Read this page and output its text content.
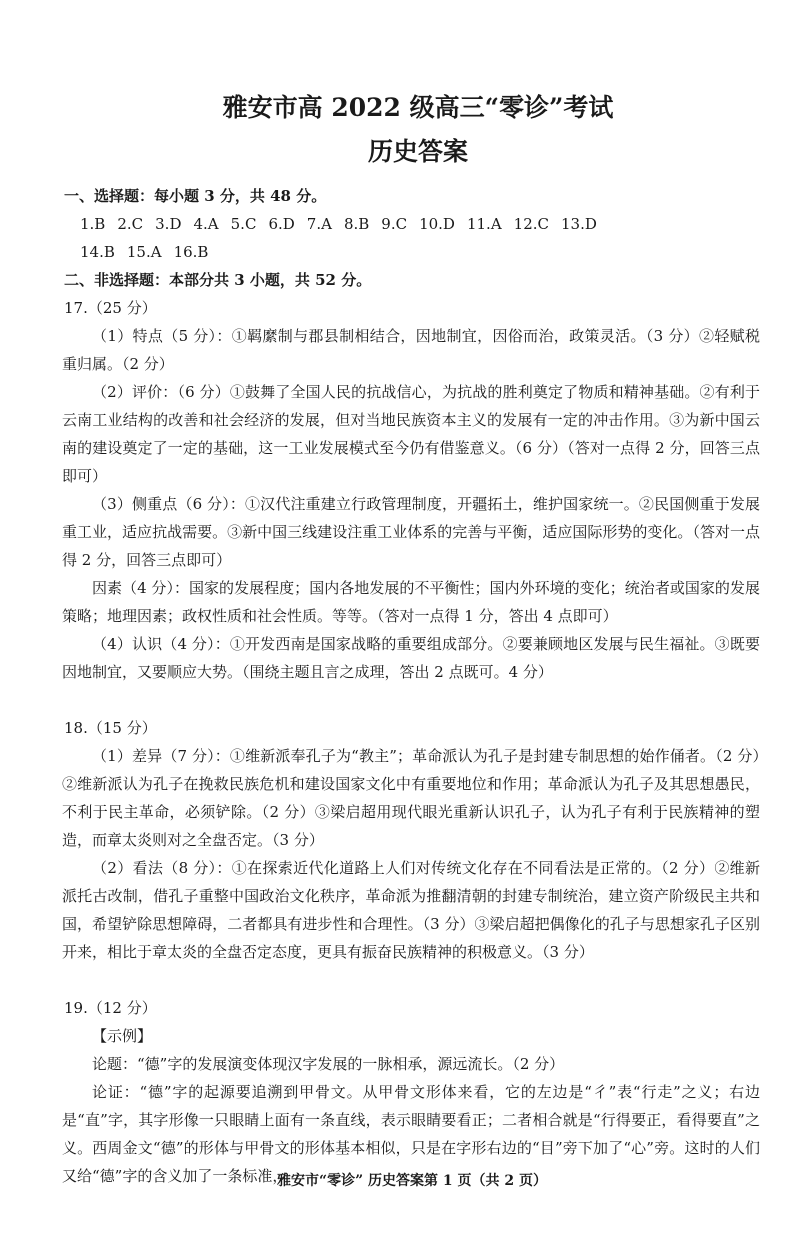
雅安市高 2022 级高三“零诊”考试
历史答案
一、选择题：每小题 3 分，共 48 分。
1.B 2.C 3.D 4.A 5.C 6.D 7.A 8.B 9.C 10.D 11.A 12.C 13.D
14.B 15.A 16.B
二、非选择题：本部分共 3 小题，共 52 分。
17.（25 分）

（1）特点（5 分）：①羁縻制与郡县制相结合，因地制宜，因俗而治，政策灵活。（3 分）②轻赋税重归属。（2 分）

（2）评价：（6 分）①鼓舞了全国人民的抗战信心，为抗战的胜利奠定了物质和精神基础。②有利于云南工业结构的改善和社会经济的发展，但对当地民族资本主义的发展有一定的冲击作用。③为新中国云南的建设奠定了一定的基础，这一工业发展模式至今仍有借鉴意义。（6 分）（答对一点得 2 分，回答三点即可）

（3）侧重点（6 分）：①汉代注重建立行政管理制度，开疆拓土，维护国家统一。②民国侧重于发展重工业，适应抗战需要。③新中国三线建设注重工业体系的完善与平衡，适应国际形势的变化。（答对一点得 2 分，回答三点即可）

因素（4 分）：国家的发展程度；国内各地发展的不平衡性；国内外环境的变化；统治者或国家的发展策略；地理因素；政权性质和社会性质。等等。（答对一点得 1 分，答出 4 点即可）

（4）认识（4 分）：①开发西南是国家战略的重要组成部分。②要兼顾地区发展与民生福祉。③既要因地制宜，又要顺应大势。（围绕主题且言之成理，答出 2 点既可。4 分）

18.（15 分）

（1）差异（7 分）：①维新派奉孔子为“教主”；革命派认为孔子是封建专制思想的始作俑者。（2 分）②维新派认为孔子在挽救民族危机和建设国家文化中有重要地位和作用；革命派认为孔子及其思想愚民，不利于民主革命，必须铲除。（2 分）③梁启超用现代眼光重新认识孔子，认为孔子有利于民族精神的塑造，而章太炎则对之全盘否定。（3 分）

（2）看法（8 分）：①在探索近代化道路上人们对传统文化存在不同看法是正常的。（2 分）②维新派托古改制，借孔子重整中国政治文化秩序，革命派为推翻清朝的封建专制统治，建立资产阶级民主共和国，希望铲除思想障碍，二者都具有进步性和合理性。（3 分）③梁启超把偶像化的孔子与思想家孔子区别开来，相比于章太炎的全盘否定态度，更具有振奋民族精神的积极意义。（3 分）

19.（12 分）

【示例】

论题：“德”字的发展演变体现汉字发展的一脉相承，源远流长。（2 分）

论证：“德”字的起源要追溯到甲骨文。从甲骨文形体来看，它的左边是“彳”表“行走”之义；右边是“直”字，其字形像一只眼睛上面有一条直线，表示眼睛要看正；二者相合就是“行得要正，看得要直”之义。西周金文“德”的形体与甲骨文的形体基本相似，只是在字形右边的“目”旁下加了“心”旁。这时的人们又给“德”字的含义加了一条标准，

雅安市“零诊” 历史答案第 1 页（共 2 页）
